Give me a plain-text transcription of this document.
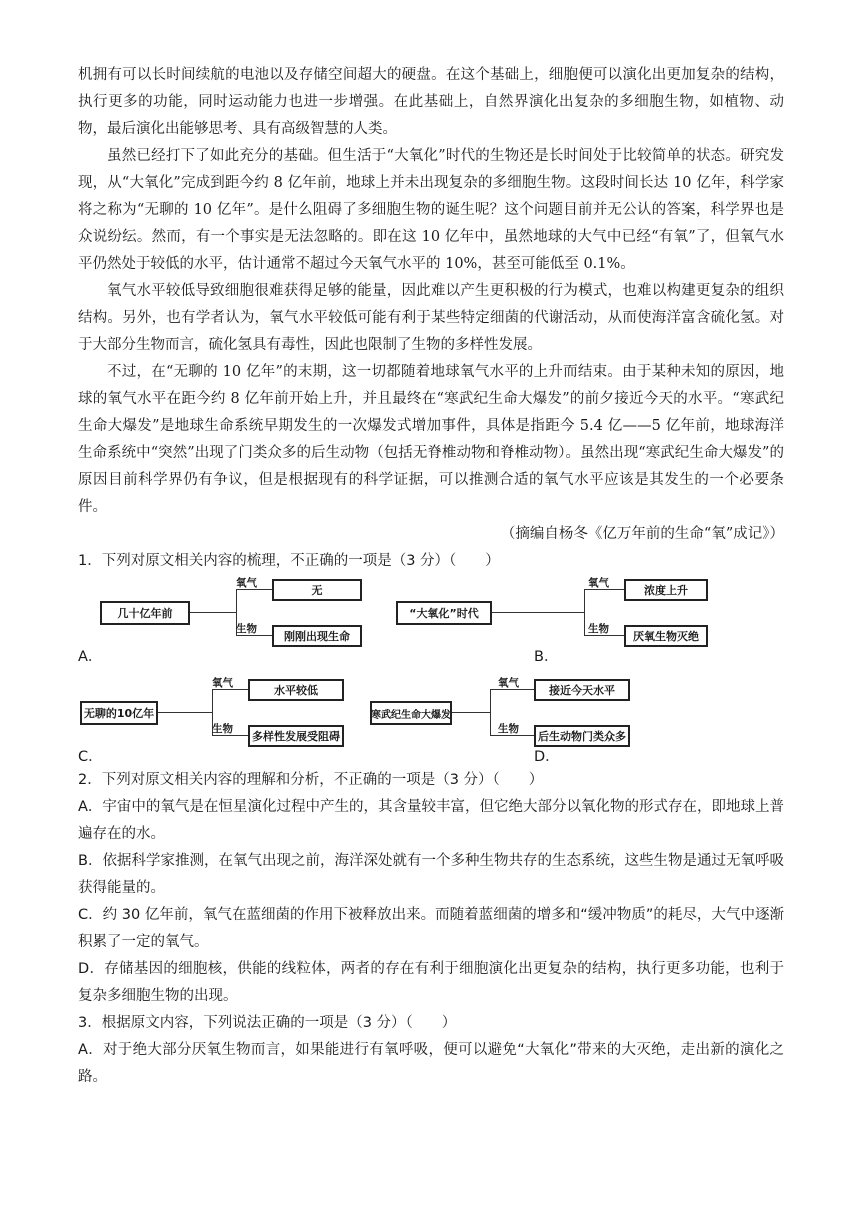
机拥有可以长时间续航的电池以及存储空间超大的硬盘。在这个基础上，细胞便可以演化出更加复杂的结构，执行更多的功能，同时运动能力也进一步增强。在此基础上，自然界演化出复杂的多细胞生物，如植物、动物，最后演化出能够思考、具有高级智慧的人类。

虽然已经打下了如此充分的基础。但生活于“大氧化”时代的生物还是长时间处于比较简单的状态。研究发现，从“大氧化”完成到距今约 8 亿年前，地球上并未出现复杂的多细胞生物。这段时间长达 10 亿年，科学家将之称为“无聊的 10 亿年”。是什么阻碍了多细胞生物的诞生呢？这个问题目前并无公认的答案，科学界也是众说纷纭。然而，有一个事实是无法忽略的。即在这 10 亿年中，虽然地球的大气中已经“有氧”了，但氧气水平仍然处于较低的水平，估计通常不超过今天氧气水平的 10%，甚至可能低至 0.1%。

氧气水平较低导致细胞很难获得足够的能量，因此难以产生更积极的行为模式，也难以构建更复杂的组织结构。另外，也有学者认为，氧气水平较低可能有利于某些特定细菌的代谢活动，从而使海洋富含硫化氢。对于大部分生物而言，硫化氢具有毒性，因此也限制了生物的多样性发展。

不过，在“无聊的 10 亿年”的末期，这一切都随着地球氧气水平的上升而结束。由于某种未知的原因，地球的氧气水平在距今约 8 亿年前开始上升，并且最终在“寒武纪生命大爆发”的前夕接近今天的水平。“寒武纪生命大爆发”是地球生命系统早期发生的一次爆发式增加事件，具体是指距今 5.4 亿——5 亿年前，地球海洋生命系统中“突然”出现了门类众多的后生动物（包括无脊椎动物和脊椎动物）。虽然出现“寒武纪生命大爆发”的原因目前科学界仍有争议，但是根据现有的科学证据，可以推测合适的氧气水平应该是其发生的一个必要条件。

（摘编自杨冬《亿万年前的生命“氧”成记》）

1．下列对原文相关内容的梳理，不正确的一项是（3 分）（　　）

几十亿年前
氧气
生物
无
刚刚出现生命
A．
“大氧化”时代
氧气
生物
浓度上升
厌氧生物灭绝
B．
无聊的10亿年
氧气
生物
水平较低
多样性发展受阻碍
C．
寒武纪生命大爆发
氧气
生物
接近今天水平
后生动物门类众多
D．

2．下列对原文相关内容的理解和分析，不正确的一项是（3 分）（　　）

A．宇宙中的氧气是在恒星演化过程中产生的，其含量较丰富，但它绝大部分以氧化物的形式存在，即地球上普遍存在的水。

B．依据科学家推测，在氧气出现之前，海洋深处就有一个多种生物共存的生态系统，这些生物是通过无氧呼吸获得能量的。

C．约 30 亿年前，氧气在蓝细菌的作用下被释放出来。而随着蓝细菌的增多和“缓冲物质”的耗尽，大气中逐渐积累了一定的氧气。

D．存储基因的细胞核，供能的线粒体，两者的存在有利于细胞演化出更复杂的结构，执行更多功能，也利于复杂多细胞生物的出现。

3．根据原文内容，下列说法正确的一项是（3 分）（　　）

A．对于绝大部分厌氧生物而言，如果能进行有氧呼吸，便可以避免“大氧化”带来的大灭绝，走出新的演化之路。
